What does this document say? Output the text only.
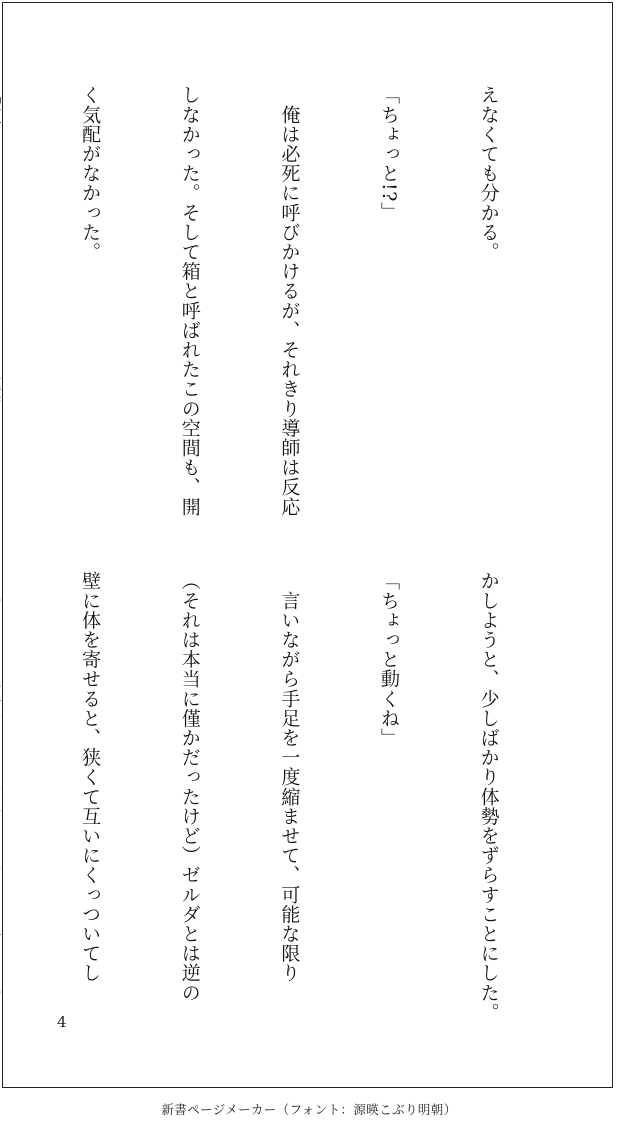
えなくても分かる。

「ちょっと!?」

　俺は必死に呼びかけるが、それきり導師は反応

しなかった。そして箱と呼ばれたこの空間も、開

く気配がなかった。

かしようと、少しばかり体勢をずらすことにした。

「ちょっと動くね」

　言いながら手足を一度縮ませて、可能な限り

（それは本当に僅かだったけど）ゼルダとは逆の

壁に体を寄せると、狭くて互いにくっついてし

4
新書ページメーカー（フォント：源暎こぶり明朝）
